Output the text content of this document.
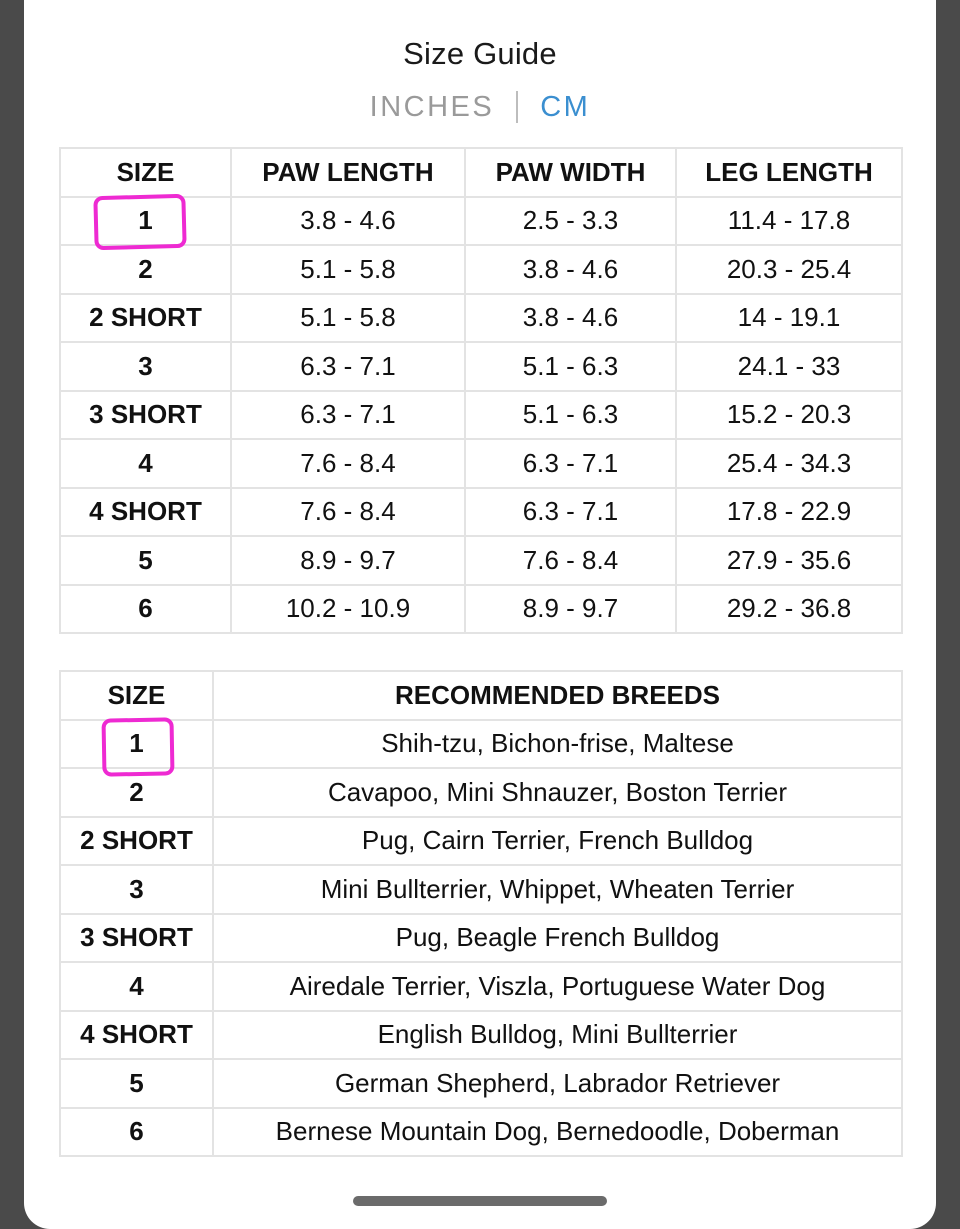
Size Guide
INCHES CM
SIZE	PAW LENGTH	PAW WIDTH	LEG LENGTH
1	3.8 - 4.6	2.5 - 3.3	11.4 - 17.8
2	5.1 - 5.8	3.8 - 4.6	20.3 - 25.4
2 SHORT	5.1 - 5.8	3.8 - 4.6	14 - 19.1
3	6.3 - 7.1	5.1 - 6.3	24.1 - 33
3 SHORT	6.3 - 7.1	5.1 - 6.3	15.2 - 20.3
4	7.6 - 8.4	6.3 - 7.1	25.4 - 34.3
4 SHORT	7.6 - 8.4	6.3 - 7.1	17.8 - 22.9
5	8.9 - 9.7	7.6 - 8.4	27.9 - 35.6
6	10.2 - 10.9	8.9 - 9.7	29.2 - 36.8
SIZE	RECOMMENDED BREEDS
1	Shih-tzu, Bichon-frise, Maltese
2	Cavapoo, Mini Shnauzer, Boston Terrier
2 SHORT	Pug, Cairn Terrier, French Bulldog
3	Mini Bullterrier, Whippet, Wheaten Terrier
3 SHORT	Pug, Beagle French Bulldog
4	Airedale Terrier, Viszla, Portuguese Water Dog
4 SHORT	English Bulldog, Mini Bullterrier
5	German Shepherd, Labrador Retriever
6	Bernese Mountain Dog, Bernedoodle, Doberman
